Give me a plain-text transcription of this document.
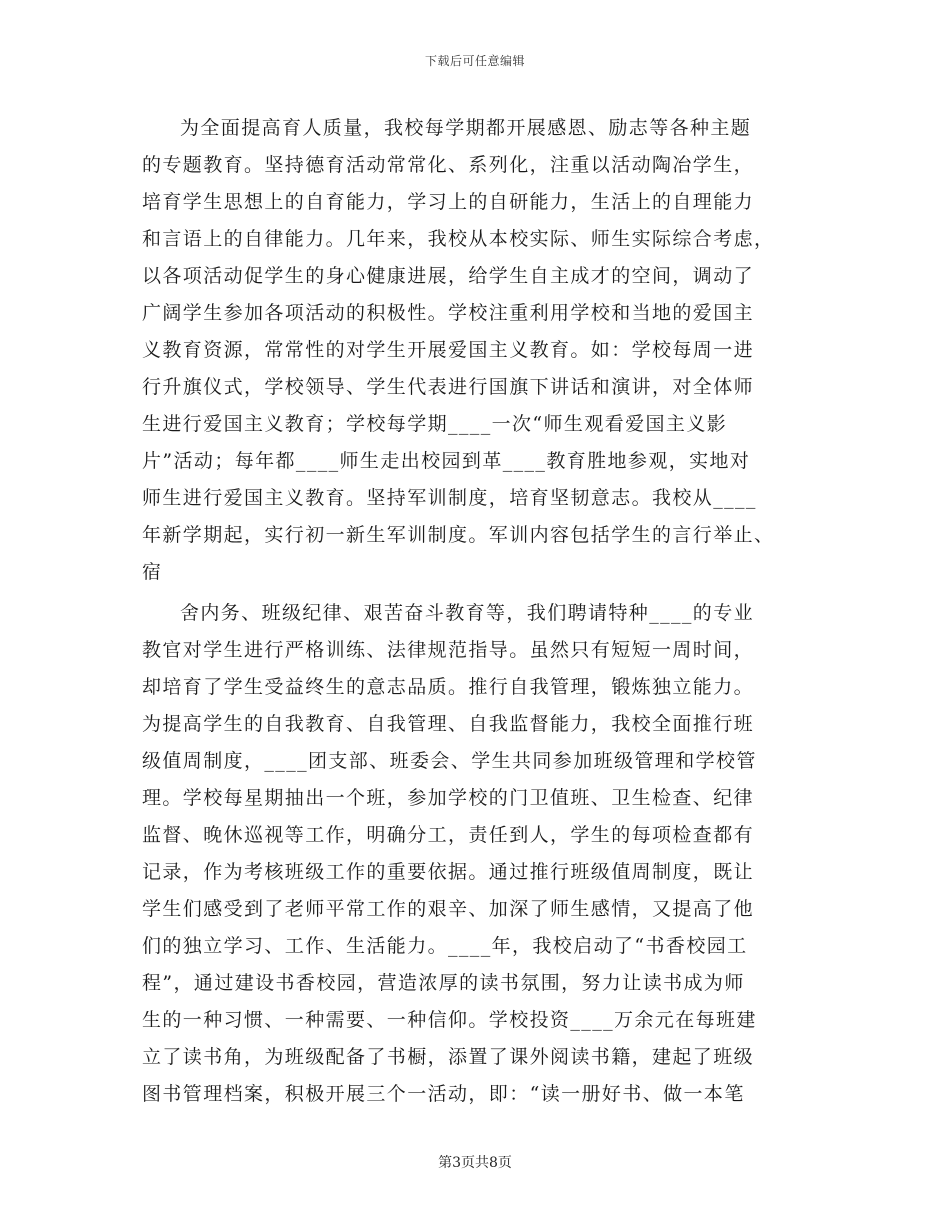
下载后可任意编辑
为全面提高育人质量，我校每学期都开展感恩、励志等各种主题
的专题教育。坚持德育活动常常化、系列化，注重以活动陶冶学生，
培育学生思想上的自育能力，学习上的自研能力，生活上的自理能力
和言语上的自律能力。几年来，我校从本校实际、师生实际综合考虑，
以各项活动促学生的身心健康进展，给学生自主成才的空间，调动了
广阔学生参加各项活动的积极性。学校注重利用学校和当地的爱国主
义教育资源，常常性的对学生开展爱国主义教育。如：学校每周一进
行升旗仪式，学校领导、学生代表进行国旗下讲话和演讲，对全体师
生进行爱国主义教育；学校每学期____一次“师生观看爱国主义影
片”活动；每年都____师生走出校园到革____教育胜地参观，实地对
师生进行爱国主义教育。坚持军训制度，培育坚韧意志。我校从____
年新学期起，实行初一新生军训制度。军训内容包括学生的言行举止、
宿
舍内务、班级纪律、艰苦奋斗教育等，我们聘请特种____的专业
教官对学生进行严格训练、法律规范指导。虽然只有短短一周时间，
却培育了学生受益终生的意志品质。推行自我管理，锻炼独立能力。
为提高学生的自我教育、自我管理、自我监督能力，我校全面推行班
级值周制度，____团支部、班委会、学生共同参加班级管理和学校管
理。学校每星期抽出一个班，参加学校的门卫值班、卫生检查、纪律
监督、晚休巡视等工作，明确分工，责任到人，学生的每项检查都有
记录，作为考核班级工作的重要依据。通过推行班级值周制度，既让
学生们感受到了老师平常工作的艰辛、加深了师生感情，又提高了他
们的独立学习、工作、生活能力。____年，我校启动了“书香校园工
程”，通过建设书香校园，营造浓厚的读书氛围，努力让读书成为师
生的一种习惯、一种需要、一种信仰。学校投资____万余元在每班建
立了读书角，为班级配备了书橱，添置了课外阅读书籍，建起了班级
图书管理档案，积极开展三个一活动，即：“读一册好书、做一本笔
第3页共8页
